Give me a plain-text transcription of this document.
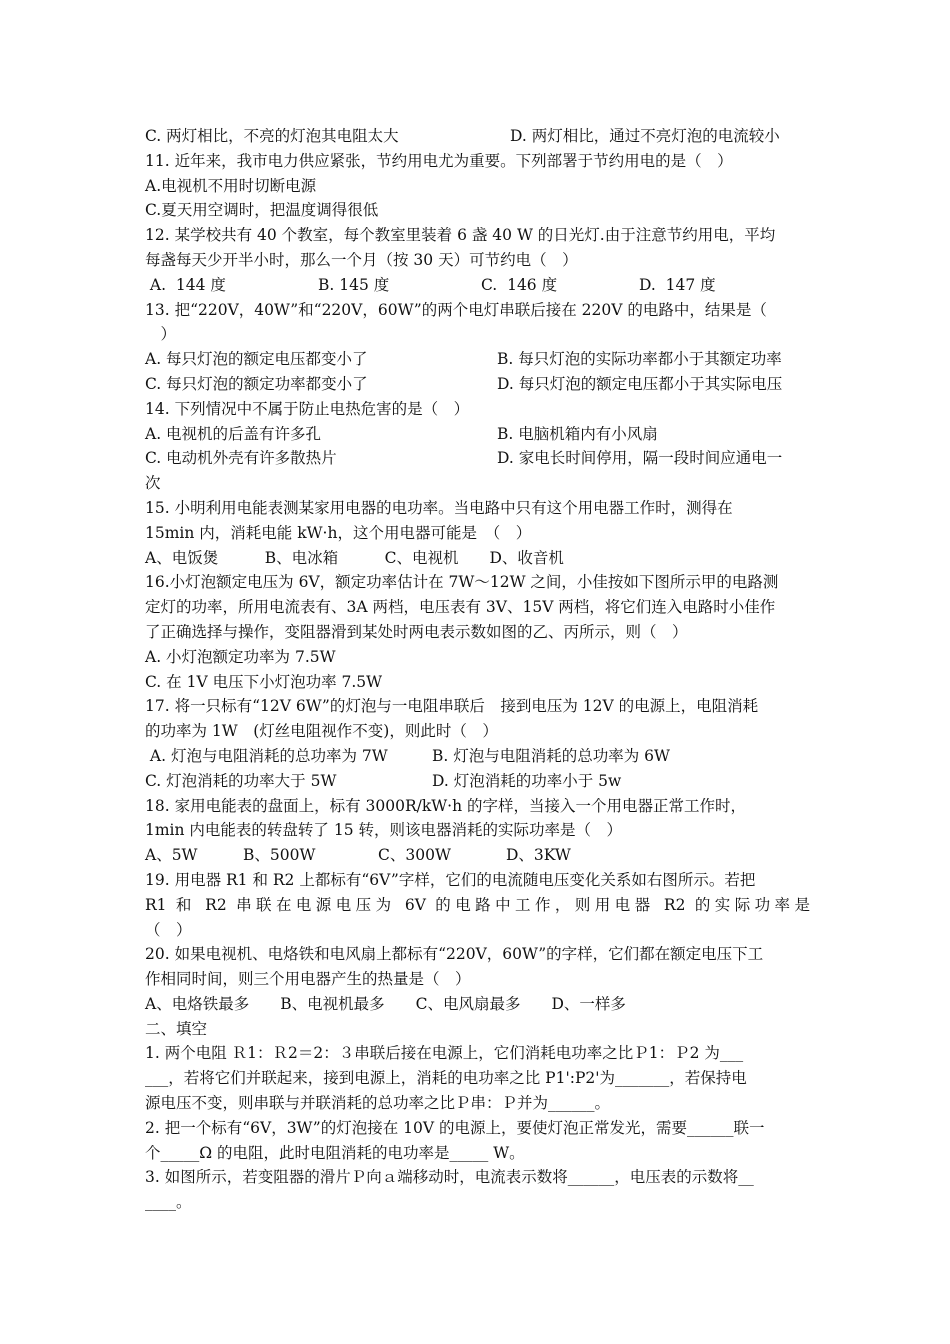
C. 两灯相比，不亮的灯泡其电阻太大	D. 两灯相比，通过不亮灯泡的电流较小
11. 近年来，我市电力供应紧张，节约用电尤为重要。下列部署于节约用电的是（　）
A.电视机不用时切断电源
C.夏天用空调时，把温度调得很低
12. 某学校共有 40 个教室，每个教室里装着 6 盏 40 W 的日光灯.由于注意节约用电，平均
每盏每天少开半小时，那么一个月（按 30 天）可节约电（　）
A.  144 度	B. 145 度	C.  146 度	D.  147 度
13. 把“220V，40W”和“220V，60W”的两个电灯串联后接在 220V 的电路中，结果是（
　）
A. 每只灯泡的额定电压都变小了	B. 每只灯泡的实际功率都小于其额定功率
C. 每只灯泡的额定功率都变小了	D. 每只灯泡的额定电压都小于其实际电压
14. 下列情况中不属于防止电热危害的是（　）
A. 电视机的后盖有许多孔	B. 电脑机箱内有小风扇
C. 电动机外壳有许多散热片	D. 家电长时间停用，隔一段时间应通电一
次
15. 小明利用电能表测某家用电器的电功率。当电路中只有这个用电器工作时，测得在
15min 内，消耗电能 kW·h，这个用电器可能是　（　）
A、电饭煲　　　B、电冰箱　　　C、电视机　　D、收音机
16.小灯泡额定电压为 6V，额定功率估计在 7W～12W 之间，小佳按如下图所示甲的电路测
定灯的功率，所用电流表有、3A 两档，电压表有 3V、15V 两档，将它们连入电路时小佳作
了正确选择与操作，变阻器滑到某处时两电表示数如图的乙、丙所示，则（　）
A. 小灯泡额定功率为 7.5W
C. 在 1V 电压下小灯泡功率 7.5W
17. 将一只标有“12V 6W”的灯泡与一电阻串联后　接到电压为 12V 的电源上，电阻消耗
的功率为 1W　(灯丝电阻视作不变)，则此时（　）
A. 灯泡与电阻消耗的总功率为 7W	B. 灯泡与电阻消耗的总功率为 6W
C. 灯泡消耗的功率大于 5W	D. 灯泡消耗的功率小于 5w
18. 家用电能表的盘面上，标有 3000R/kW·h 的字样，当接入一个用电器正常工作时，
1min 内电能表的转盘转了 15 转，则该电器消耗的实际功率是（　）
A、5W	B、500W	C、300W	D、3KW
19. 用电器 R1 和 R2 上都标有“6V”字样，它们的电流随电压变化关系如右图所示。若把
R1 和 R2 串联在电源电压为 6V 的电路中工作，则用电器 R2 的实际功率是
（　）
20. 如果电视机、电烙铁和电风扇上都标有“220V，60W”的字样，它们都在额定电压下工
作相同时间，则三个用电器产生的热量是（　）
A、电烙铁最多　　B、电视机最多　　C、电风扇最多　　D、一样多
二、填空
1. 两个电阻 Ｒ1：Ｒ2＝2：３串联后接在电源上，它们消耗电功率之比Ｐ1：Ｐ2 为___
___，若将它们并联起来，接到电源上，消耗的电功率之比 P1':P2'为_______，若保持电
源电压不变，则串联与并联消耗的总功率之比Ｐ串：Ｐ并为______。
2. 把一个标有“6V，3W”的灯泡接在 10V 的电源上，要使灯泡正常发光，需要______联一
个_____Ω 的电阻，此时电阻消耗的电功率是_____ W。
3. 如图所示，若变阻器的滑片Ｐ向ａ端移动时，电流表示数将______，电压表的示数将__
____。
